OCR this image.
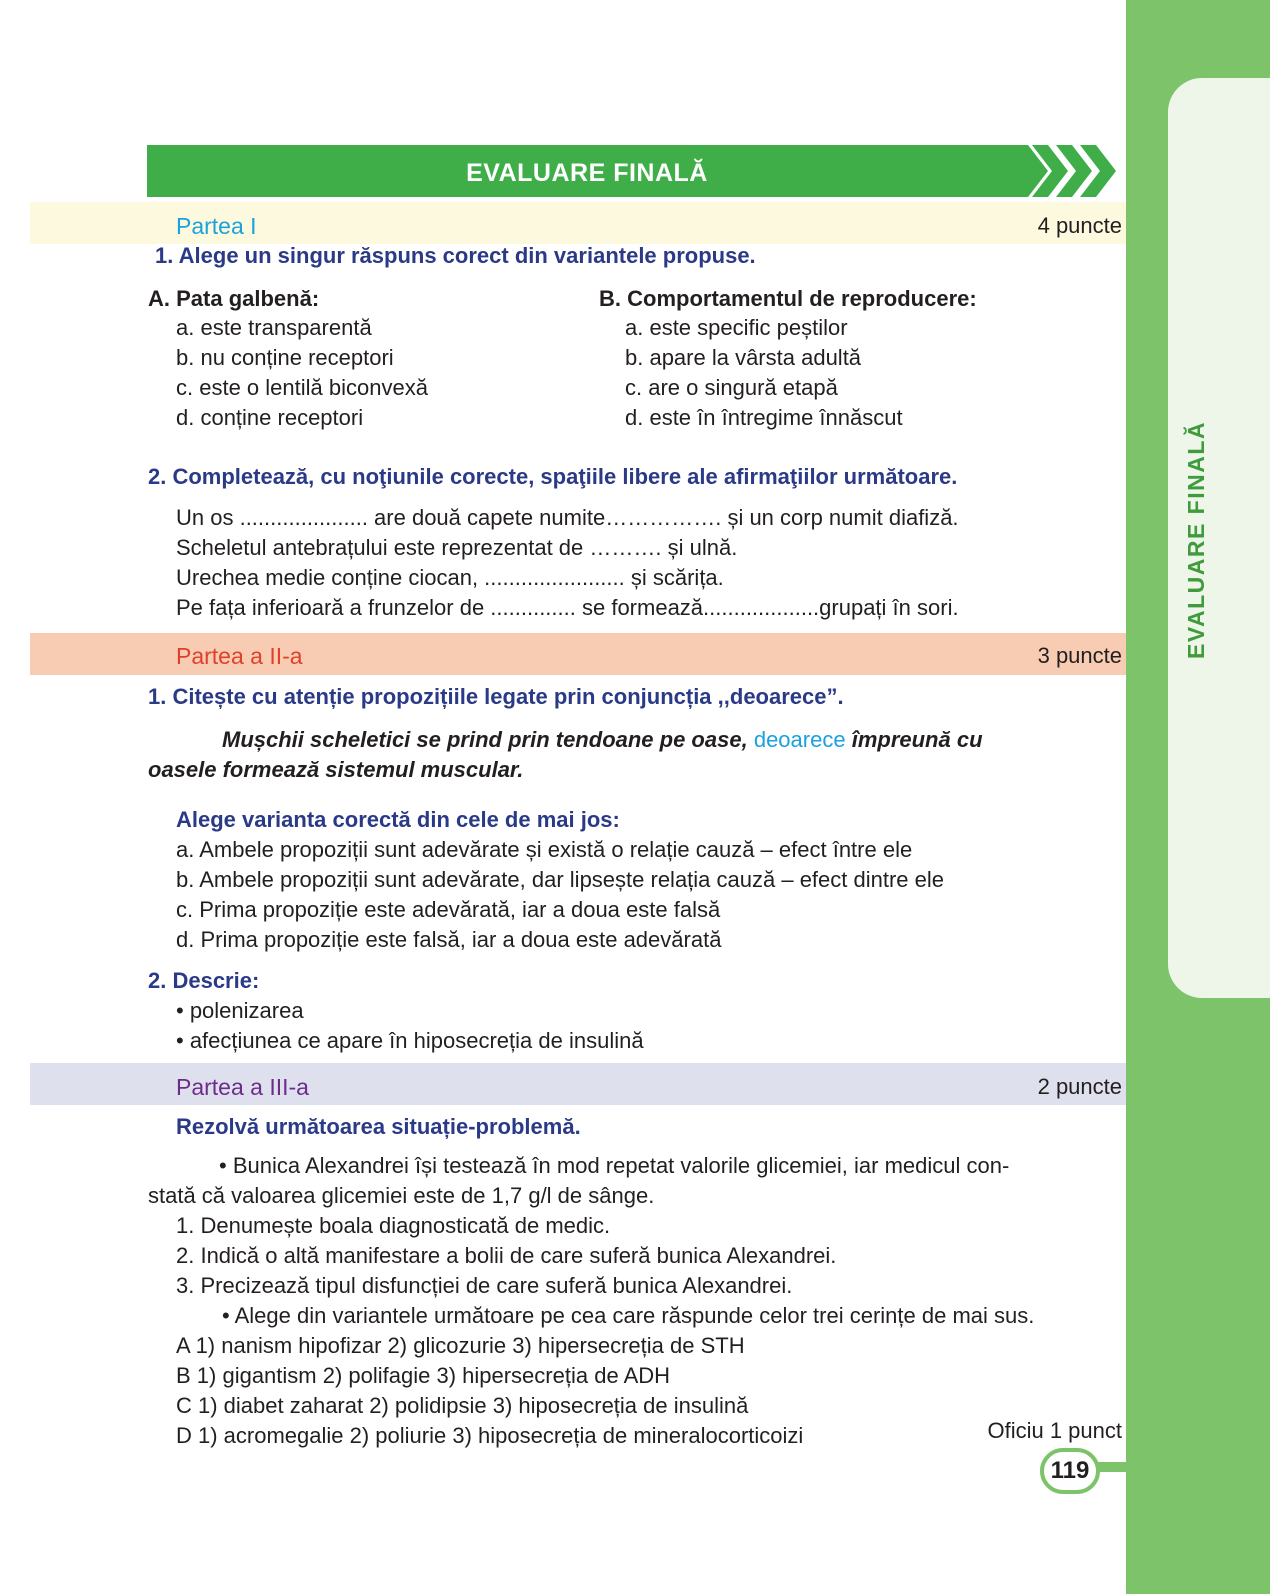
EVALUARE FINALĂ
EVALUARE FINALĂ
Partea I	4 puncte
1. Alege un singur răspuns corect din variantele propuse.
A. Pata galbenă:
a. este transparentă
b. nu conține receptori
c. este o lentilă biconvexă
d. conține receptori
B. Comportamentul de reproducere:
a. este specific peștilor
b. apare la vârsta adultă
c. are o singură etapă
d. este în întregime înnăscut
2. Completează, cu noţiunile corecte, spaţiile libere ale afirmaţiilor următoare.
Un os ..................... are două capete numite……………. și un corp numit diafiză.
Scheletul antebrațului este reprezentat de ………. și ulnă.
Urechea medie conține ciocan, ....................... și scărița.
Pe fața inferioară a frunzelor de .............. se formează...................grupați în sori.
Partea a II-a	3 puncte
1. Citește cu atenție propozițiile legate prin conjuncția ,,deoarece”.
Mușchii scheletici se prind prin tendoane pe oase, deoarece împreună cu
oasele formează sistemul muscular.
Alege varianta corectă din cele de mai jos:
a. Ambele propoziții sunt adevărate și există o relație cauză – efect între ele
b. Ambele propoziții sunt adevărate, dar lipsește relația cauză – efect dintre ele
c. Prima propoziție este adevărată, iar a doua este falsă
d. Prima propoziție este falsă, iar a doua este adevărată
2. Descrie:
• polenizarea
• afecțiunea ce apare în hiposecreția de insulină
Partea a III-a	2 puncte
Rezolvă următoarea situație-problemă.
• Bunica Alexandrei își testează în mod repetat valorile glicemiei, iar medicul con-
stată că valoarea glicemiei este de 1,7 g/l de sânge.
1. Denumește boala diagnosticată de medic.
2. Indică o altă manifestare a bolii de care suferă bunica Alexandrei.
3. Precizează tipul disfuncției de care suferă bunica Alexandrei.
• Alege din variantele următoare pe cea care răspunde celor trei cerințe de mai sus.
A 1) nanism hipofizar 2) glicozurie 3) hipersecreția de STH
B 1) gigantism 2) polifagie 3) hipersecreția de ADH
C 1) diabet zaharat 2) polidipsie 3) hiposecreția de insulină
D 1) acromegalie 2) poliurie 3) hiposecreția de mineralocorticoizi	Oficiu 1 punct
119
